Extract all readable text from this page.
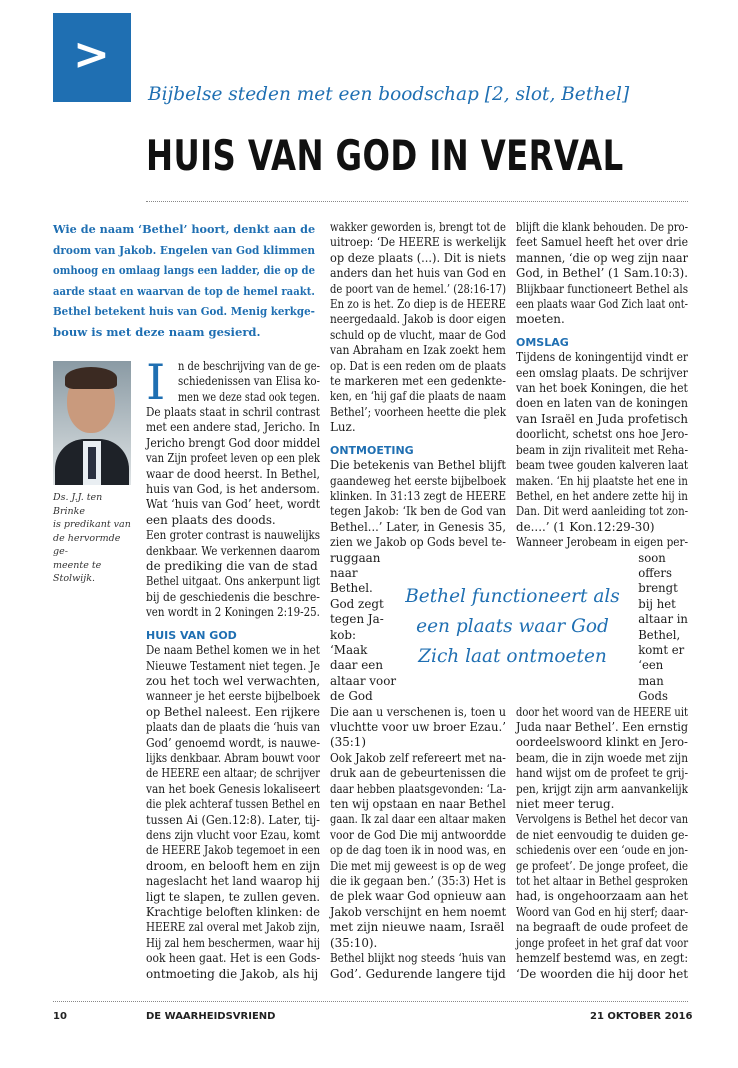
>
Bijbelse steden met een boodschap [2, slot, Bethel]
HUIS VAN GOD IN VERVAL
Wie de naam ‘Bethel’ hoort, denkt aan de
droom van Jakob. Engelen van God klimmen
omhoog en omlaag langs een ladder, die op de
aarde staat en waarvan de top de hemel raakt.
Bethel betekent huis van God. Menig kerkge-
bouw is met deze naam gesierd.
Ds. J.J. ten Brinke
is predikant van
de hervormde ge-
meente te Stolwijk.
I n de beschrijving van de ge-
schiedenissen van Elisa ko-
men we deze stad ook tegen.
De plaats staat in schril contrast
met een andere stad, Jericho. In
Jericho brengt God door middel
van Zijn profeet leven op een plek
waar de dood heerst. In Bethel,
huis van God, is het andersom.
Wat ‘huis van God’ heet, wordt
een plaats des doods.
Een groter contrast is nauwelijks
denkbaar. We verkennen daarom
de prediking die van de stad
Bethel uitgaat. Ons ankerpunt ligt
bij de geschiedenis die beschre-
ven wordt in 2 Koningen 2:19-25.
HUIS VAN GOD
De naam Bethel komen we in het
Nieuwe Testament niet tegen. Je
zou het toch wel verwachten,
wanneer je het eerste bijbelboek
op Bethel naleest. Een rijkere
plaats dan de plaats die ‘huis van
God’ genoemd wordt, is nauwe-
lijks denkbaar. Abram bouwt voor
de HEERE een altaar; de schrijver
van het boek Genesis lokaliseert
die plek achteraf tussen Bethel en
tussen Ai (Gen.12:8). Later, tij-
dens zijn vlucht voor Ezau, komt
de HEERE Jakob tegemoet in een
droom, en belooft hem en zijn
nageslacht het land waarop hij
ligt te slapen, te zullen geven.
Krachtige beloften klinken: de
HEERE zal overal met Jakob zijn,
Hij zal hem beschermen, waar hij
ook heen gaat. Het is een Gods-
ontmoeting die Jakob, als hij
wakker geworden is, brengt tot de
uitroep: ‘De HEERE is werkelijk
op deze plaats (...). Dit is niets
anders dan het huis van God en
de poort van de hemel.’ (28:16-17)
En zo is het. Zo diep is de HEERE
neergedaald. Jakob is door eigen
schuld op de vlucht, maar de God
van Abraham en Izak zoekt hem
op. Dat is een reden om de plaats
te markeren met een gedenkte-
ken, en ‘hij gaf die plaats de naam
Bethel’; voorheen heette die plek
Luz.
ONTMOETING
Die betekenis van Bethel blijft
gaandeweg het eerste bijbelboek
klinken. In 31:13 zegt de HEERE
tegen Jakob: ‘Ik ben de God van
Bethel...’ Later, in Genesis 35,
zien we Jakob op Gods bevel te-
ruggaan
naar
Bethel.
God zegt
tegen Ja-
kob:
‘Maak
daar een
altaar voor
de God
Die aan u verschenen is, toen u
vluchtte voor uw broer Ezau.’
(35:1)
Ook Jakob zelf refereert met na-
druk aan de gebeurtenissen die
daar hebben plaatsgevonden: ‘La-
ten wij opstaan en naar Bethel
gaan. Ik zal daar een altaar maken
voor de God Die mij antwoordde
op de dag toen ik in nood was, en
Die met mij geweest is op de weg
die ik gegaan ben.’ (35:3) Het is
de plek waar God opnieuw aan
Jakob verschijnt en hem noemt
met zijn nieuwe naam, Israël
(35:10).
Bethel blijkt nog steeds ‘huis van
God’. Gedurende langere tijd
blijft die klank behouden. De pro-
feet Samuel heeft het over drie
mannen, ‘die op weg zijn naar
God, in Bethel’ (1 Sam.10:3).
Blijkbaar functioneert Bethel als
een plaats waar God Zich laat ont-
moeten.
OMSLAG
Tijdens de koningentijd vindt er
een omslag plaats. De schrijver
van het boek Koningen, die het
doen en laten van de koningen
van Israël en Juda profetisch
doorlicht, schetst ons hoe Jero-
beam in zijn rivaliteit met Reha-
beam twee gouden kalveren laat
maken. ‘En hij plaatste het ene in
Bethel, en het andere zette hij in
Dan. Dit werd aanleiding tot zon-
de....’ (1 Kon.12:29-30)
Wanneer Jerobeam in eigen per-
soon
offers
brengt
bij het
altaar in
Bethel,
komt er
‘een
man
Gods
door het woord van de HEERE uit
Juda naar Bethel’. Een ernstig
oordeelswoord klinkt en Jero-
beam, die in zijn woede met zijn
hand wijst om de profeet te grij-
pen, krijgt zijn arm aanvankelijk
niet meer terug.
Vervolgens is Bethel het decor van
de niet eenvoudig te duiden ge-
schiedenis over een ‘oude en jon-
ge profeet’. De jonge profeet, die
tot het altaar in Bethel gesproken
had, is ongehoorzaam aan het
Woord van God en hij sterf; daar-
na begraaft de oude profeet de
jonge profeet in het graf dat voor
hemzelf bestemd was, en zegt:
‘De woorden die hij door het
Bethel functioneert als
een plaats waar God
Zich laat ontmoeten
10	DE WAARHEIDSVRIEND	21 OKTOBER 2016
